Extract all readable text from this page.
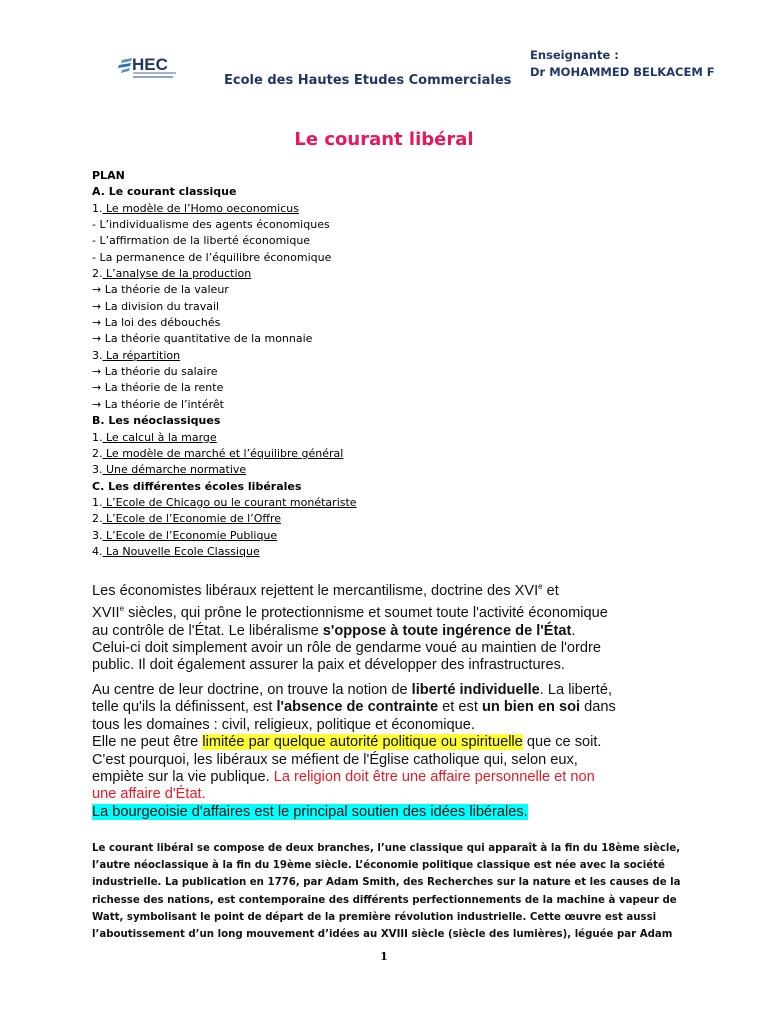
HEC
Ecole des Hautes Etudes Commerciales
Enseignante :
Dr MOHAMMED BELKACEM F
Le courant libéral
PLAN
A. Le courant classique
1. Le modèle de l’Homo oeconomicus
- L’individualisme des agents économiques
- L’affirmation de la liberté économique
- La permanence de l’équilibre économique
2. L’analyse de la production
→ La théorie de la valeur
→ La division du travail
→ La loi des débouchés
→ La théorie quantitative de la monnaie
3. La répartition
→ La théorie du salaire
→ La théorie de la rente
→ La théorie de l’intérêt
B. Les néoclassiques
1. Le calcul à la marge
2. Le modèle de marché et l’équilibre général
3. Une démarche normative
C. Les différentes écoles libérales
1. L’Ecole de Chicago ou le courant monétariste
2. L’Ecole de l’Economie de l’Offre
3. L’Ecole de l’Economie Publique
4. La Nouvelle Ecole Classique

Les économistes libéraux rejettent le mercantilisme, doctrine des XVIe et

XVIIe siècles, qui prône le protectionnisme et soumet toute l'activité économique

au contrôle de l'État. Le libéralisme s'oppose à toute ingérence de l'État.

Celui-ci doit simplement avoir un rôle de gendarme voué au maintien de l'ordre

public. Il doit également assurer la paix et développer des infrastructures.

Au centre de leur doctrine, on trouve la notion de liberté individuelle. La liberté,

telle qu'ils la définissent, est l'absence de contrainte et est un bien en soi dans

tous les domaines : civil, religieux, politique et économique.

Elle ne peut être limitée par quelque autorité politique ou spirituelle que ce soit.

C'est pourquoi, les libéraux se méfient de l'Église catholique qui, selon eux,

empiète sur la vie publique. La religion doit être une affaire personnelle et non

une affaire d'État.

La bourgeoisie d'affaires est le principal soutien des idées libérales.

Le courant libéral se compose de deux branches, l’une classique qui apparaît à la fin du 18ème siècle,
l’autre néoclassique à la fin du 19ème siècle. L’économie politique classique est née avec la société
industrielle. La publication en 1776, par Adam Smith, des Recherches sur la nature et les causes de la
richesse des nations, est contemporaine des différents perfectionnements de la machine à vapeur de
Watt, symbolisant le point de départ de la première révolution industrielle. Cette œuvre est aussi
l’aboutissement d’un long mouvement d’idées au XVIII siècle (siècle des lumières), léguée par Adam
1
